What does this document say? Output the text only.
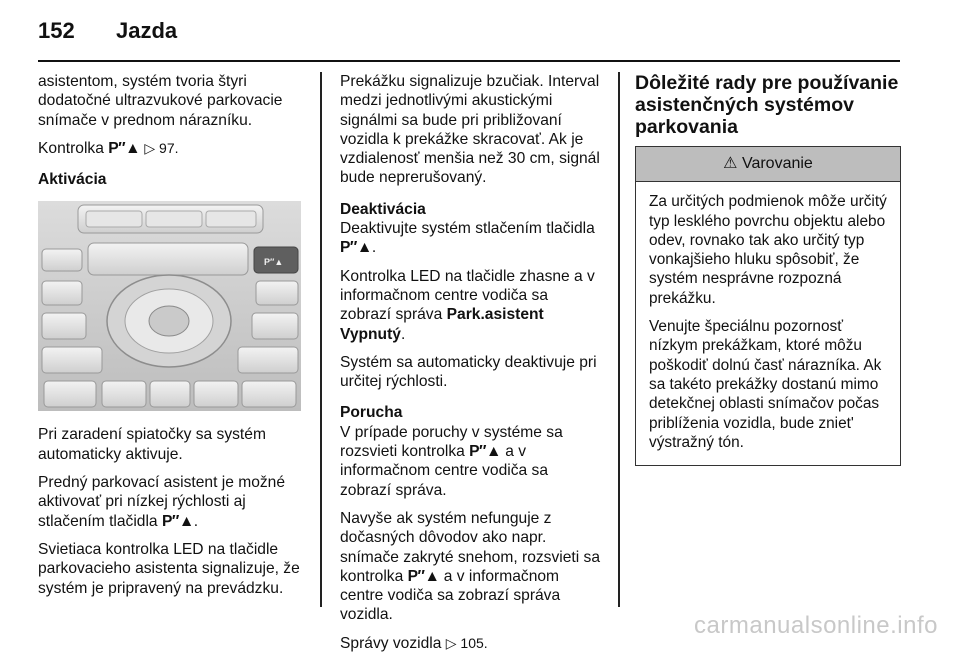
152 Jazda

asistentom, systém tvoria štyri dodatočné ultrazvukové parkovacie snímače v prednom nárazníku.

Kontrolka P″▲ ▷ 97.

Aktivácia

P″▲

Pri zaradení spiatočky sa systém automaticky aktivuje.

Predný parkovací asistent je možné aktivovať pri nízkej rýchlosti aj stlačením tlačidla P″▲.

Svietiaca kontrolka LED na tlačidle parkovacieho asistenta signalizuje, že systém je pripravený na prevádzku.

Prekážku signalizuje bzučiak. Interval medzi jednotlivými akustickými signálmi sa bude pri približovaní vozidla k prekážke skracovať. Ak je vzdialenosť menšia než 30 cm, signál bude neprerušovaný.

Deaktivácia

Deaktivujte systém stlačením tlačidla P″▲.

Kontrolka LED na tlačidle zhasne a v informačnom centre vodiča sa zobrazí správa Park.asistent Vypnutý.

Systém sa automaticky deaktivuje pri určitej rýchlosti.

Porucha

V prípade poruchy v systéme sa rozsvieti kontrolka P″▲ a v informačnom centre vodiča sa zobrazí správa.

Navyše ak systém nefunguje z dočasných dôvodov ako napr. snímače zakryté snehom, rozsvieti sa kontrolka P″▲ a v informačnom centre vodiča sa zobrazí správa vozidla.

Správy vozidla ▷ 105.

Dôležité rady pre používanie asistenčných systémov parkovania
⚠ Varovanie

Za určitých podmienok môže určitý typ lesklého povrchu objektu alebo odev, rovnako tak ako určitý typ vonkajšieho hluku spôsobiť, že systém nesprávne rozpozná prekážku.

Venujte špeciálnu pozornosť nízkym prekážkam, ktoré môžu poškodiť dolnú časť nárazníka. Ak sa takéto prekážky dostanú mimo detekčnej oblasti snímačov počas priblíženia vozidla, bude zniet' výstražný tón.

carmanualsonline.info
